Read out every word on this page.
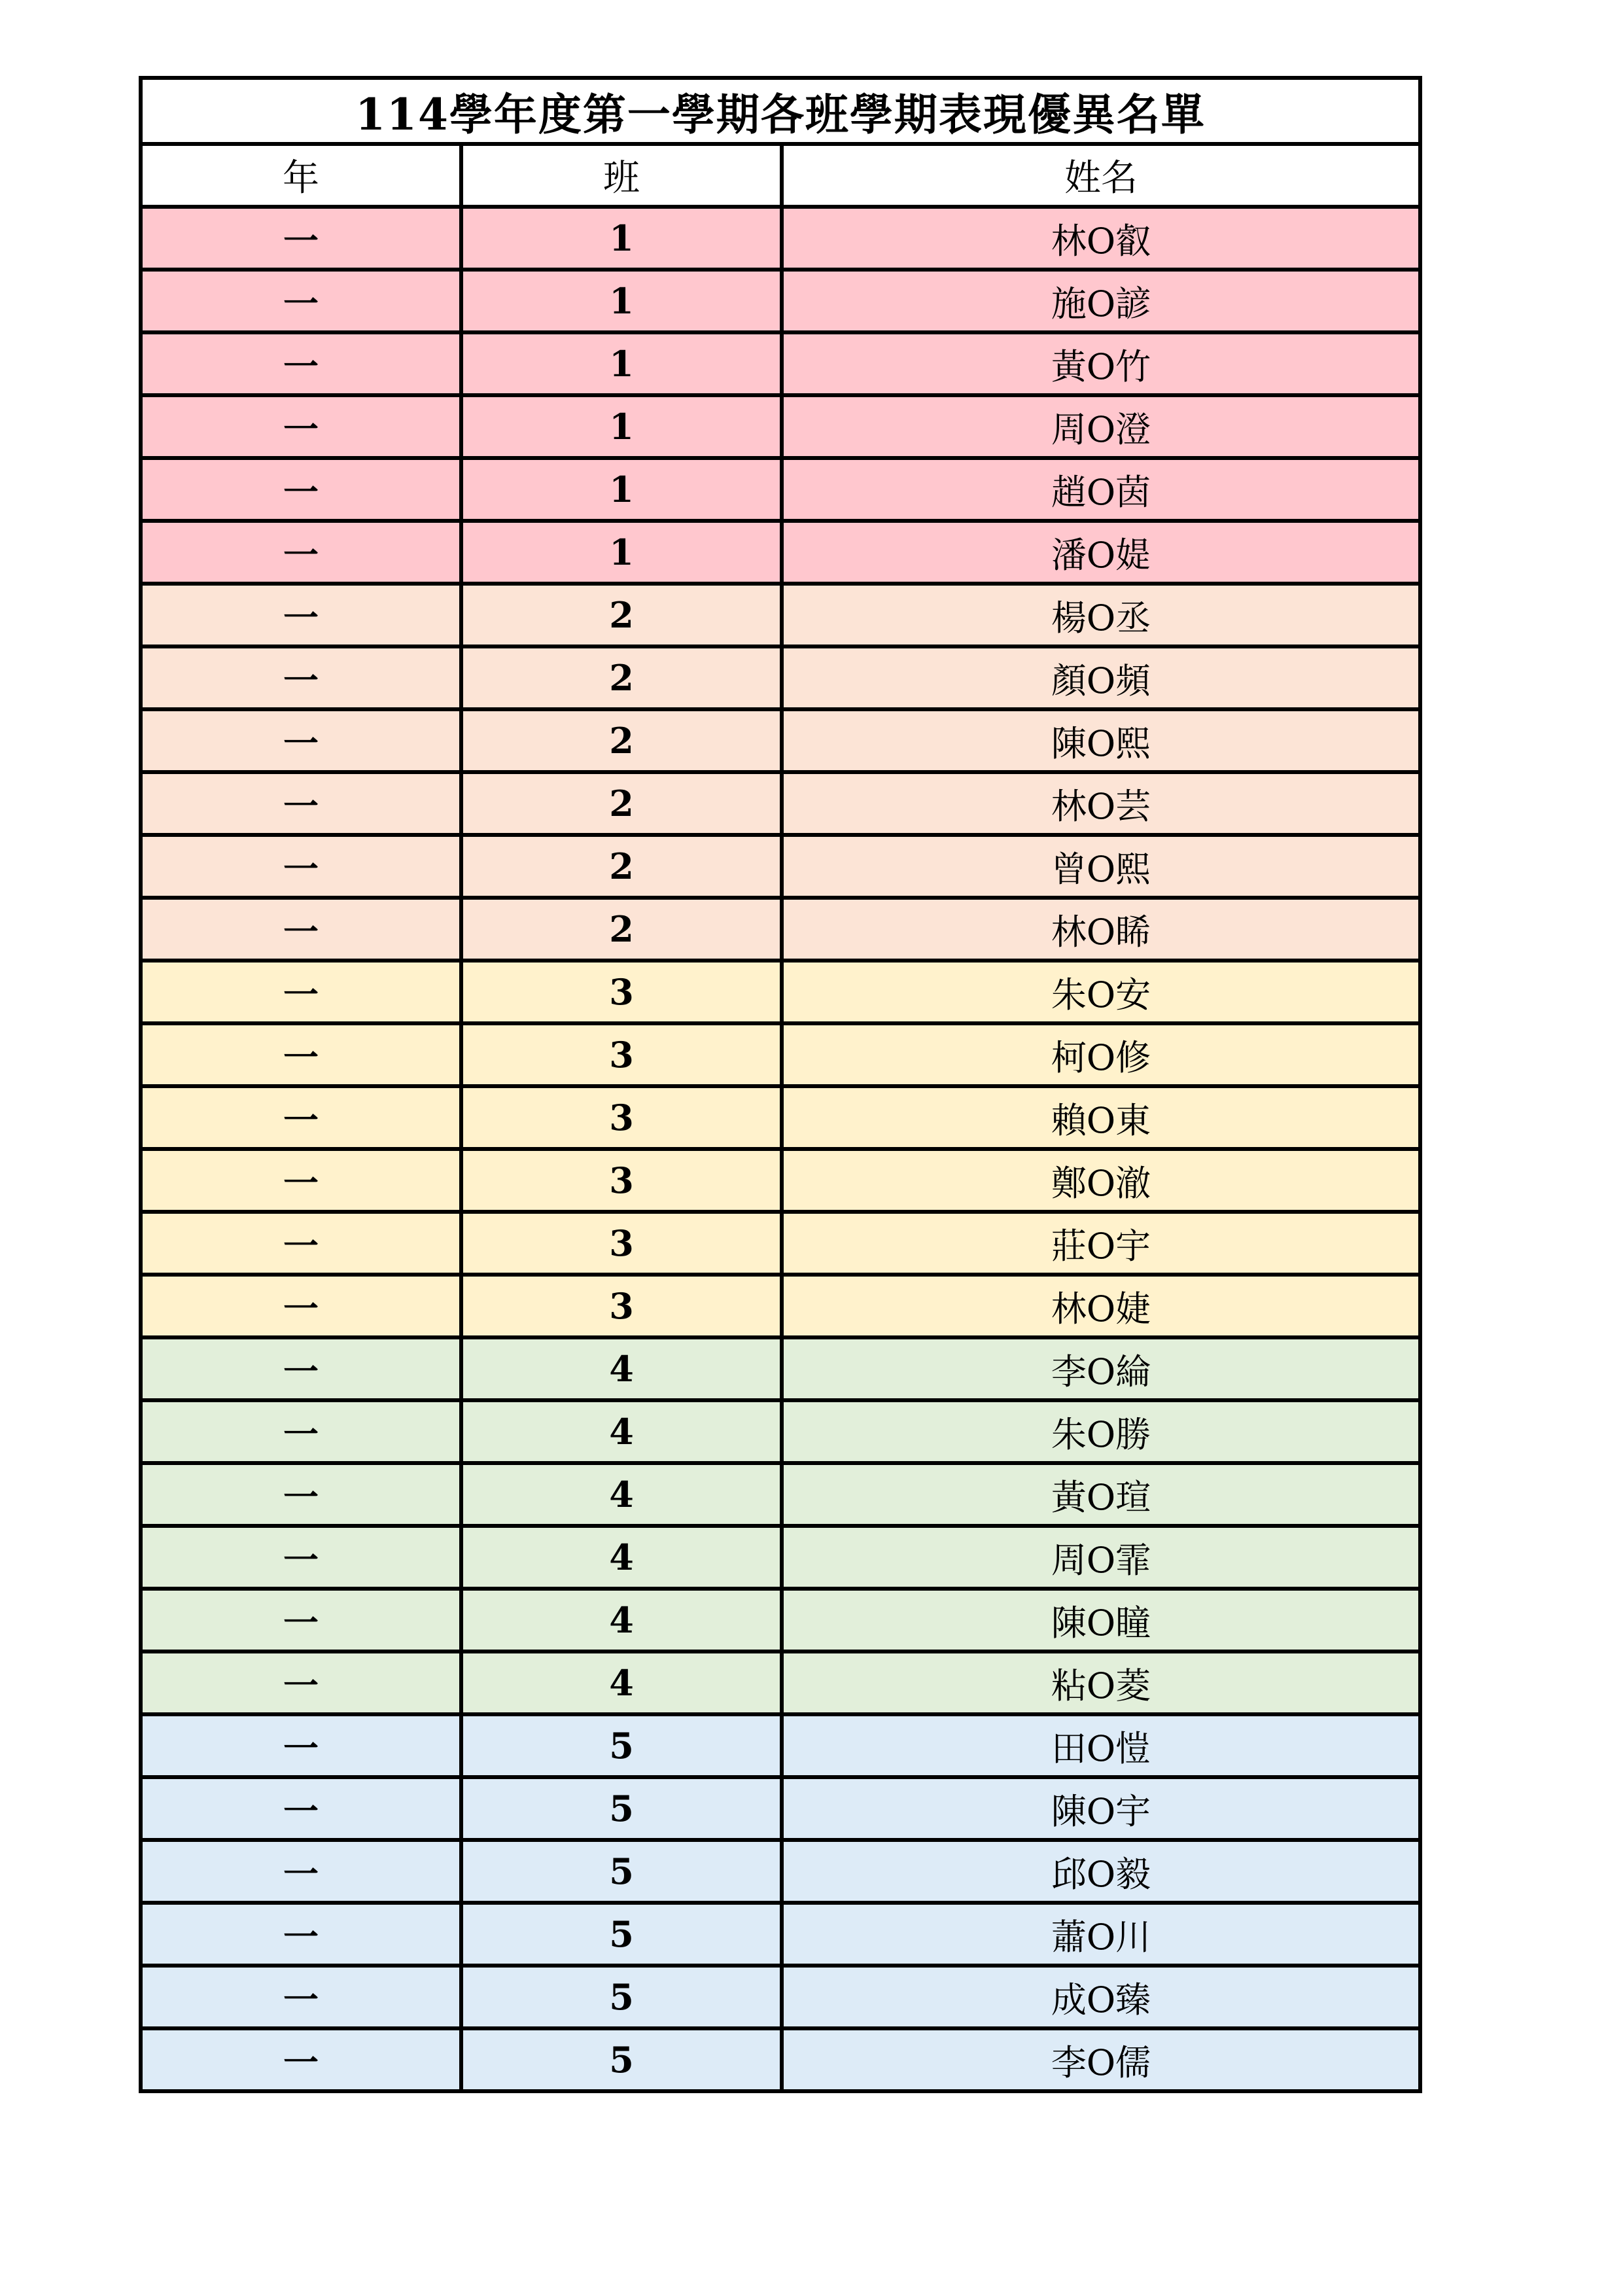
114學年度第一學期各班學期表現優異名單		
年	班	姓名
一	1	林O叡
一	1	施O諺
一	1	黃O竹
一	1	周O澄
一	1	趙O茵
一	1	潘O媞
一	2	楊O丞
一	2	顏O頻
一	2	陳O熙
一	2	林O芸
一	2	曾O熙
一	2	林O睎
一	3	朱O安
一	3	柯O修
一	3	賴O東
一	3	鄭O澈
一	3	莊O宇
一	3	林O婕
一	4	李O綸
一	4	朱O勝
一	4	黃O瑄
一	4	周O霏
一	4	陳O瞳
一	4	粘O菱
一	5	田O愷
一	5	陳O宇
一	5	邱O毅
一	5	蕭O川
一	5	成O臻
一	5	李O儒
